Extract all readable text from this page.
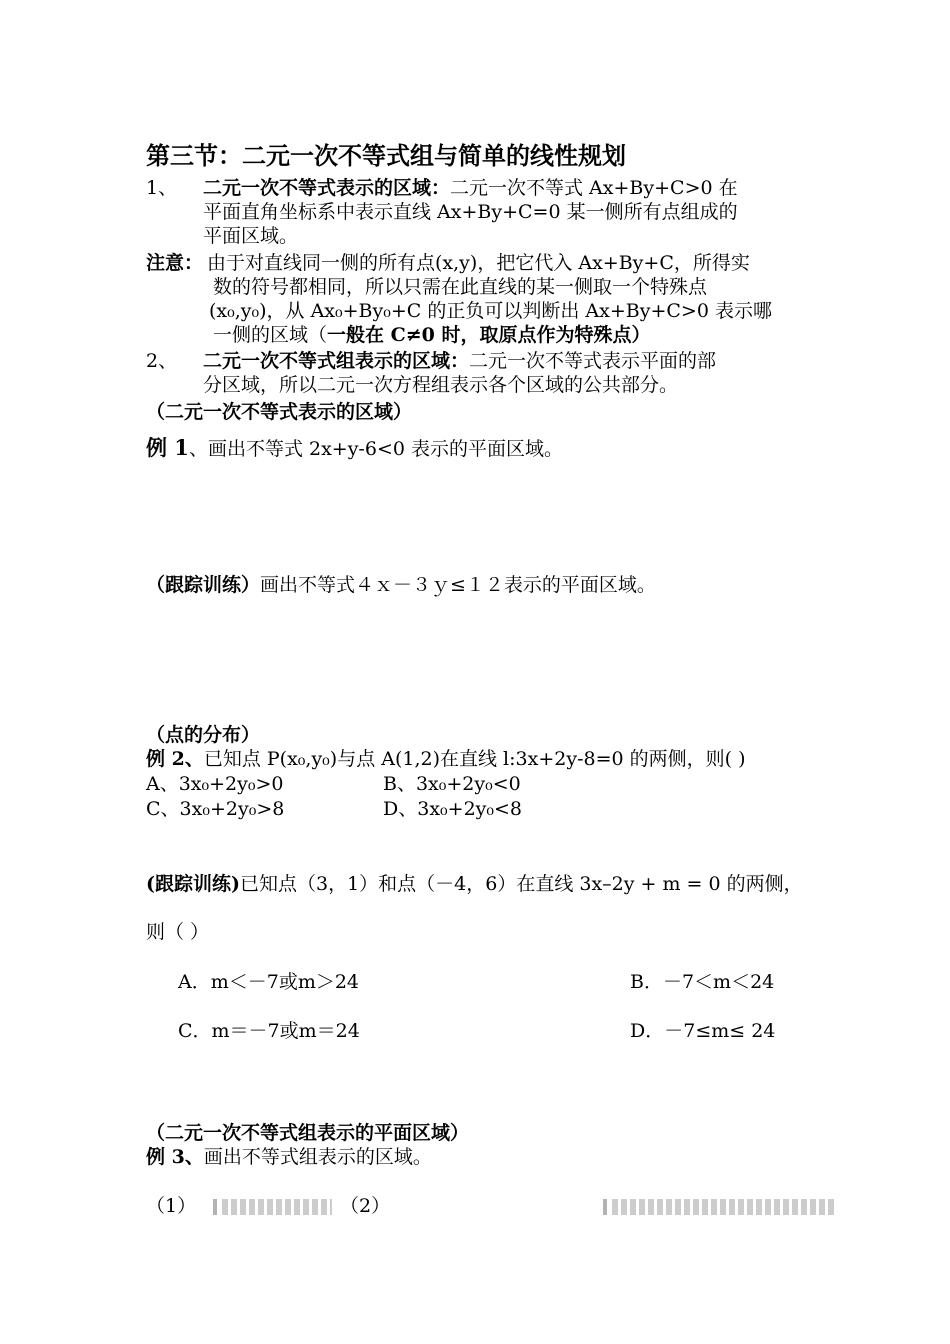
第三节：二元一次不等式组与简单的线性规划
1、 二元一次不等式表示的区域：二元一次不等式 Ax+By+C>0 在
平面直角坐标系中表示直线 Ax+By+C=0 某一侧所有点组成的
平面区域。
注意： 由于对直线同一侧的所有点(x,y)，把它代入 Ax+By+C，所得实
数的符号都相同，所以只需在此直线的某一侧取一个特殊点
(x₀,y₀)，从 Ax₀+By₀+C 的正负可以判断出 Ax+By+C>0 表示哪
一侧的区域（一般在 C≠0 时，取原点作为特殊点）
2、 二元一次不等式组表示的区域：二元一次不等式表示平面的部
分区域，所以二元一次方程组表示各个区域的公共部分。
（二元一次不等式表示的区域）
例 1、画出不等式 2x+y-6<0 表示的平面区域。
（跟踪训练）画出不等式４ｘ－３ｙ≤１２表示的平面区域。
（点的分布）
例 2、已知点 P(x₀,y₀)与点 A(1,2)在直线 l:3x+2y-8=0 的两侧，则( )
A、3x₀+2y₀>0	B、3x₀+2y₀<0
C、3x₀+2y₀>8	D、3x₀+2y₀<8
(跟踪训练)已知点（3，1）和点（－4，6）在直线 3x–2y + m = 0 的两侧，
则（ ）
A．m＜－7或m＞24	B．－7＜m＜24
C．m＝－7或m＝24	D．－7≤m≤ 24
（二元一次不等式组表示的平面区域）
例 3、画出不等式组表示的区域。
（1）
	（2）
